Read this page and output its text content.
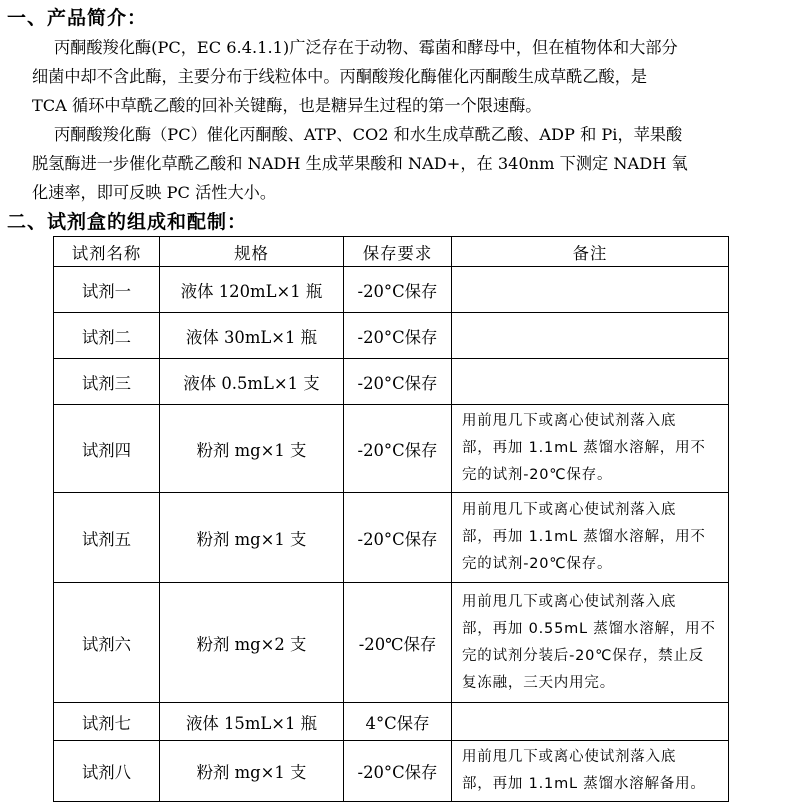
一、产品简介：
丙酮酸羧化酶(PC，EC 6.4.1.1)广泛存在于动物、霉菌和酵母中，但在植物体和大部分
细菌中却不含此酶，主要分布于线粒体中。丙酮酸羧化酶催化丙酮酸生成草酰乙酸，是
TCA 循环中草酰乙酸的回补关键酶，也是糖异生过程的第一个限速酶。
丙酮酸羧化酶（PC）催化丙酮酸、ATP、CO2 和水生成草酰乙酸、ADP 和 Pi，苹果酸
脱氢酶进一步催化草酰乙酸和 NADH 生成苹果酸和 NAD+，在 340nm 下测定 NADH 氧
化速率，即可反映 PC 活性大小。
二、试剂盒的组成和配制：
试剂名称	规格	保存要求	备注
试剂一	液体 120mL×1 瓶	-20°C保存	
试剂二	液体 30mL×1 瓶	-20°C保存	
试剂三	液体 0.5mL×1 支	-20°C保存	
试剂四	粉剂 mg×1 支	-20°C保存	用前甩几下或离心使试剂落入底
部，再加 1.1mL 蒸馏水溶解，用不
完的试剂-20℃保存。

试剂五	粉剂 mg×1 支	-20°C保存	用前甩几下或离心使试剂落入底
部，再加 1.1mL 蒸馏水溶解，用不
完的试剂-20℃保存。

试剂六	粉剂 mg×2 支	-20℃保存	用前甩几下或离心使试剂落入底
部，再加 0.55mL 蒸馏水溶解，用不
完的试剂分装后-20℃保存，禁止反
复冻融，三天内用完。

试剂七	液体 15mL×1 瓶	4°C保存	
试剂八	粉剂 mg×1 支	-20°C保存	用前甩几下或离心使试剂落入底
部，再加 1.1mL 蒸馏水溶解备用。
